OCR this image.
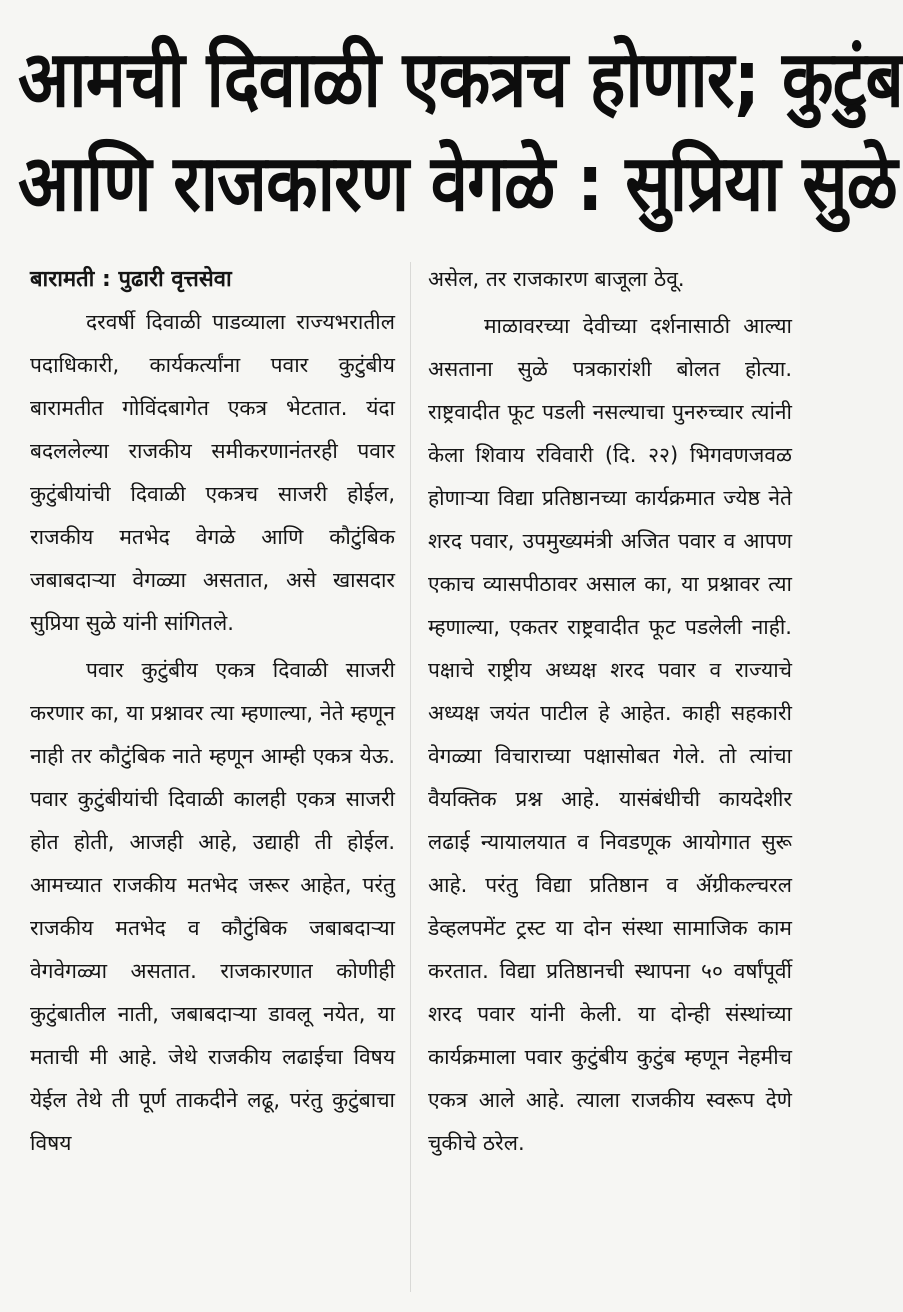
आमची दिवाळी एकत्रच होणार; कुटुंब
आणि राजकारण वेगळे : सुप्रिया सुळे
बारामती : पुढारी वृत्तसेवा

दरवर्षी दिवाळी पाडव्याला राज्यभरातील पदाधिकारी, कार्यकर्त्यांना पवार कुटुंबीय बारामतीत गोविंदबागेत एकत्र भेटतात. यंदा बदललेल्या राजकीय समीकरणानंतरही पवार कुटुंबीयांची दिवाळी एकत्रच साजरी होईल, राजकीय मतभेद वेगळे आणि कौटुंबिक जबाबदाऱ्या वेगळ्या असतात, असे खासदार सुप्रिया सुळे यांनी सांगितले.

पवार कुटुंबीय एकत्र दिवाळी साजरी करणार का, या प्रश्नावर त्या म्हणाल्या, नेते म्हणून नाही तर कौटुंबिक नाते म्हणून आम्ही एकत्र येऊ. पवार कुटुंबीयांची दिवाळी कालही एकत्र साजरी होत होती, आजही आहे, उद्याही ती होईल. आमच्यात राजकीय मतभेद जरूर आहेत, परंतु राजकीय मतभेद व कौटुंबिक जबाबदाऱ्या वेगवेगळ्या असतात. राजकारणात कोणीही कुटुंबातील नाती, जबाबदाऱ्या डावलू नयेत, या मताची मी आहे. जेथे राजकीय लढाईचा विषय येईल तेथे ती पूर्ण ताकदीने लढू, परंतु कुटुंबाचा विषय

असेल, तर राजकारण बाजूला ठेवू.

माळावरच्या देवीच्या दर्शनासाठी आल्या असताना सुळे पत्रकारांशी बोलत होत्या. राष्ट्रवादीत फूट पडली नसल्याचा पुनरुच्चार त्यांनी केला शिवाय रविवारी (दि. २२) भिगवणजवळ होणाऱ्या विद्या प्रतिष्ठानच्या कार्यक्रमात ज्येष्ठ नेते शरद पवार, उपमुख्यमंत्री अजित पवार व आपण एकाच व्यासपीठावर असाल का, या प्रश्नावर त्या म्हणाल्या, एकतर राष्ट्रवादीत फूट पडलेली नाही. पक्षाचे राष्ट्रीय अध्यक्ष शरद पवार व राज्याचे अध्यक्ष जयंत पाटील हे आहेत. काही सहकारी वेगळ्या विचाराच्या पक्षासोबत गेले. तो त्यांचा वैयक्तिक प्रश्न आहे. यासंबंधीची कायदेशीर लढाई न्यायालयात व निवडणूक आयोगात सुरू आहे. परंतु विद्या प्रतिष्ठान व ॲग्रीकल्चरल डेव्हलपमेंट ट्रस्ट या दोन संस्था सामाजिक काम करतात. विद्या प्रतिष्ठानची स्थापना ५० वर्षांपूर्वी शरद पवार यांनी केली. या दोन्ही संस्थांच्या कार्यक्रमाला पवार कुटुंबीय कुटुंब म्हणून नेहमीच एकत्र आले आहे. त्याला राजकीय स्वरूप देणे चुकीचे ठरेल.
